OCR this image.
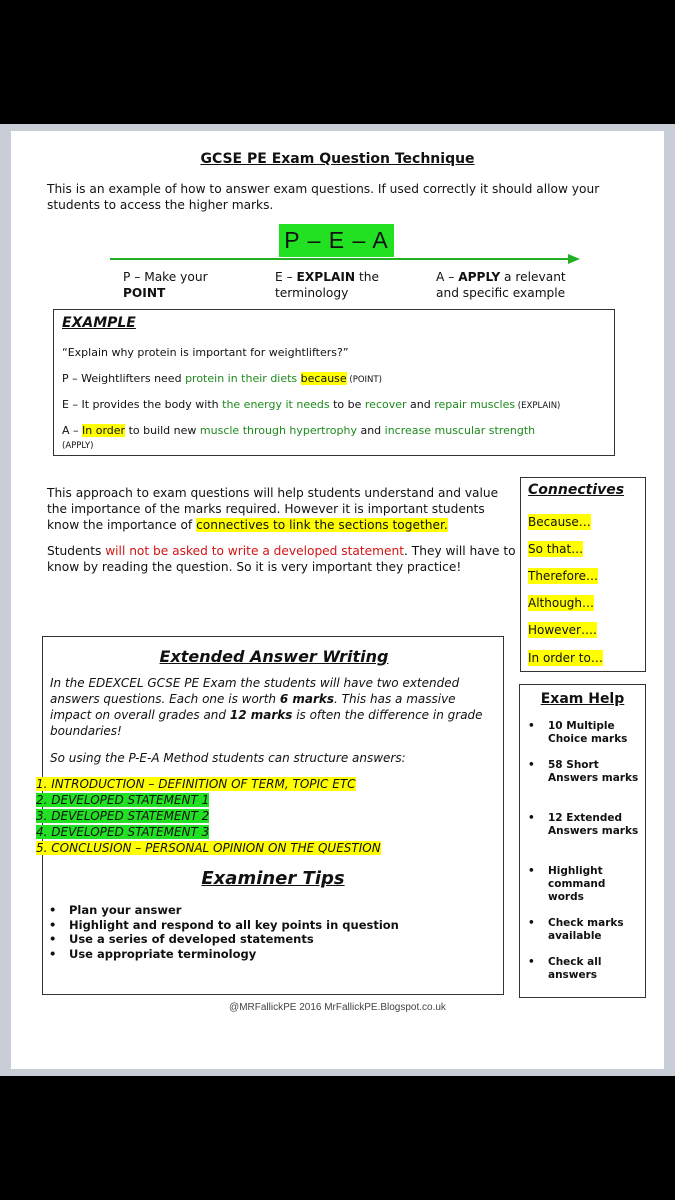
GCSE PE Exam Question Technique
This is an example of how to answer exam questions. If used correctly it should allow your students to access the higher marks.
P – E – A
P – Make your
POINT
E – EXPLAIN the
terminology
A – APPLY a relevant
and specific example
EXAMPLE
“Explain why protein is important for weightlifters?”
P – Weightlifters need protein in their diets because (POINT)
E – It provides the body with the energy it needs to be recover and repair muscles (EXPLAIN)
A – In order to build new muscle through hypertrophy and increase muscular strength
(APPLY)
This approach to exam questions will help students understand and value the importance of the marks required. However it is important students know the importance of connectives to link the sections together.
Students will not be asked to write a developed statement. They will have to know by reading the question. So it is very important they practice!
Connectives
Because…
So that…
Therefore…
Although…
However….
In order to…
Extended Answer Writing
In the EDEXCEL GCSE PE Exam the students will have two extended answers questions. Each one is worth 6 marks. This has a massive impact on overall grades and 12 marks is often the difference in grade boundaries!
So using the P-E-A Method students can structure answers:
1. INTRODUCTION – DEFINITION OF TERM, TOPIC ETC
2. DEVELOPED STATEMENT 1
3. DEVELOPED STATEMENT 2
4. DEVELOPED STATEMENT 3
5. CONCLUSION – PERSONAL OPINION ON THE QUESTION
Examiner Tips
• Plan your answer
• Highlight and respond to all key points in question
• Use a series of developed statements
• Use appropriate terminology
Exam Help
•	10 Multiple Choice marks
•	58 Short Answers marks
•	12 Extended Answers marks
•	Highlight command words
•	Check marks available
•	Check all answers
@MRFallickPE 2016 MrFallickPE.Blogspot.co.uk
